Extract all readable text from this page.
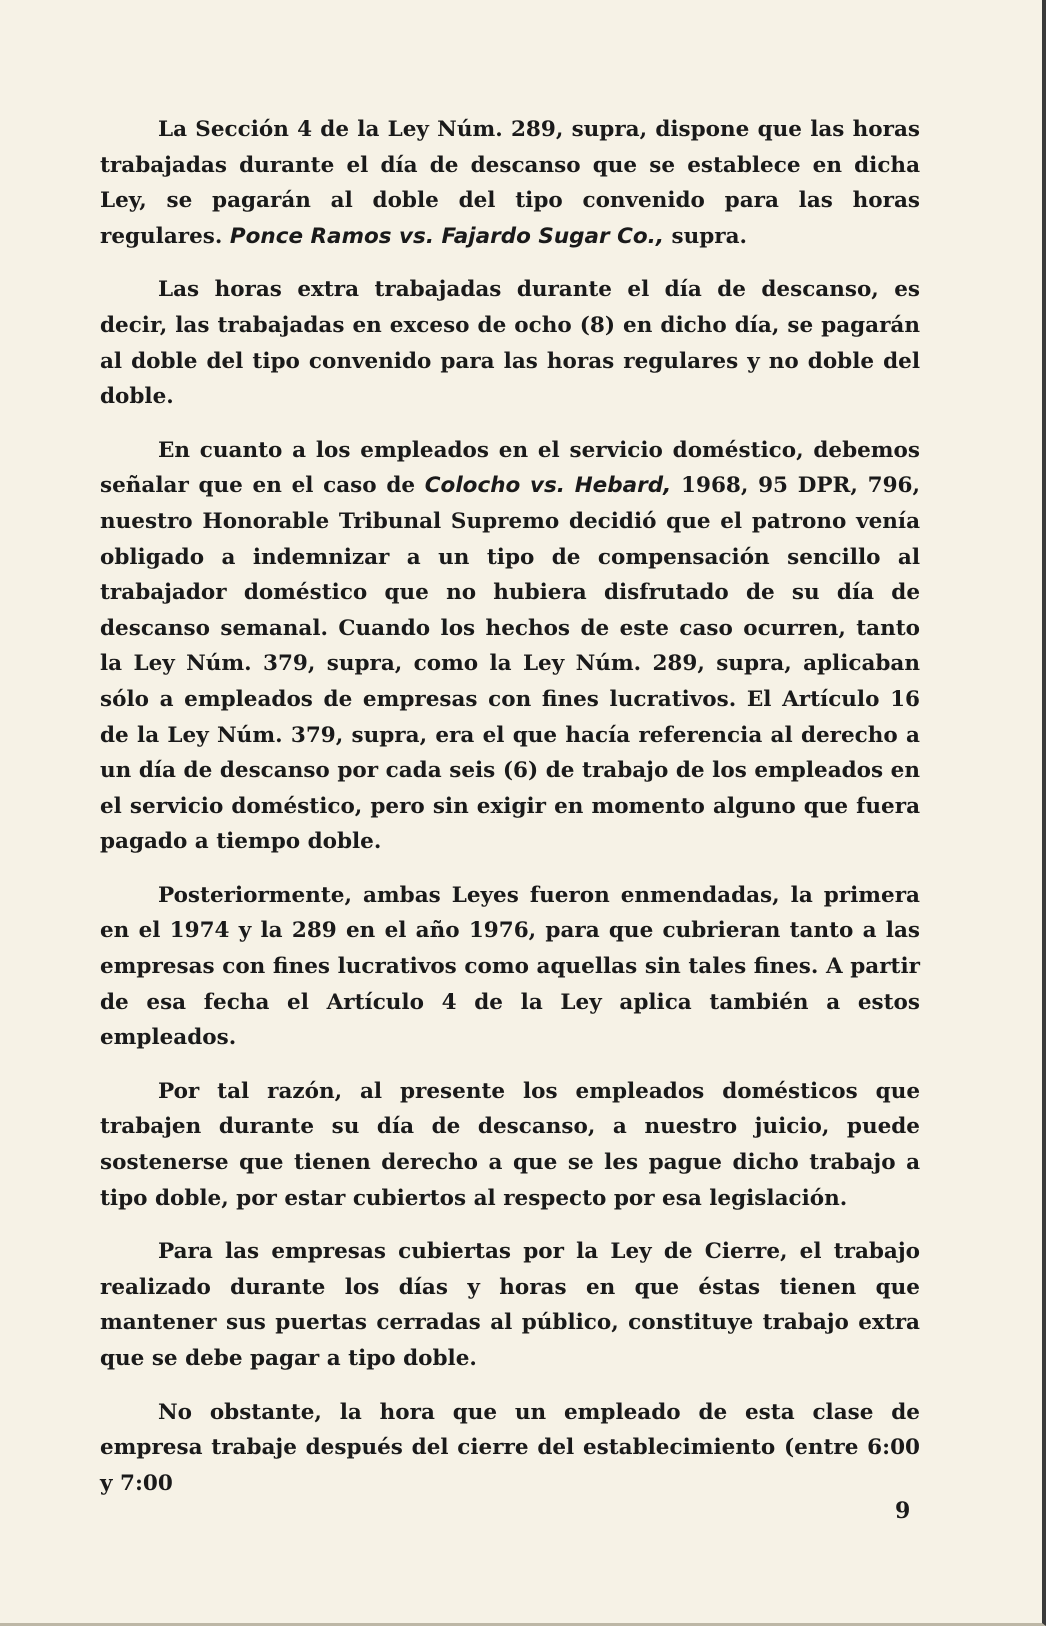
La Sección 4 de la Ley Núm. 289, supra, dispone que las horas trabajadas durante el día de descanso que se establece en dicha Ley, se pagarán al doble del tipo convenido para las horas regulares. Ponce Ramos vs. Fajardo Sugar Co., supra.

Las horas extra trabajadas durante el día de descanso, es decir, las trabajadas en exceso de ocho (8) en dicho día, se pagarán al doble del tipo convenido para las horas regulares y no doble del doble.

En cuanto a los empleados en el servicio doméstico, debemos señalar que en el caso de Colocho vs. Hebard, 1968, 95 DPR, 796, nuestro Honorable Tribunal Supremo decidió que el patrono venía obligado a indemnizar a un tipo de compensación sencillo al trabajador doméstico que no hubiera disfrutado de su día de descanso semanal. Cuando los hechos de este caso ocurren, tanto la Ley Núm. 379, supra, como la Ley Núm. 289, supra, aplicaban sólo a empleados de empresas con fines lucrativos. El Artículo 16 de la Ley Núm. 379, supra, era el que hacía referencia al derecho a un día de descanso por cada seis (6) de trabajo de los empleados en el servicio doméstico, pero sin exigir en momento alguno que fuera pagado a tiempo doble.

Posteriormente, ambas Leyes fueron enmendadas, la primera en el 1974 y la 289 en el año 1976, para que cubrieran tanto a las empresas con fines lucrativos como aquellas sin tales fines. A partir de esa fecha el Artículo 4 de la Ley aplica también a estos empleados.

Por tal razón, al presente los empleados domésticos que trabajen durante su día de descanso, a nuestro juicio, puede sostenerse que tienen derecho a que se les pague dicho trabajo a tipo doble, por estar cubiertos al respecto por esa legislación.

Para las empresas cubiertas por la Ley de Cierre, el trabajo realizado durante los días y horas en que éstas tienen que mantener sus puertas cerradas al público, constituye trabajo extra que se debe pagar a tipo doble.

No obstante, la hora que un empleado de esta clase de empresa trabaje después del cierre del establecimiento (entre 6:00 y 7:00

9
